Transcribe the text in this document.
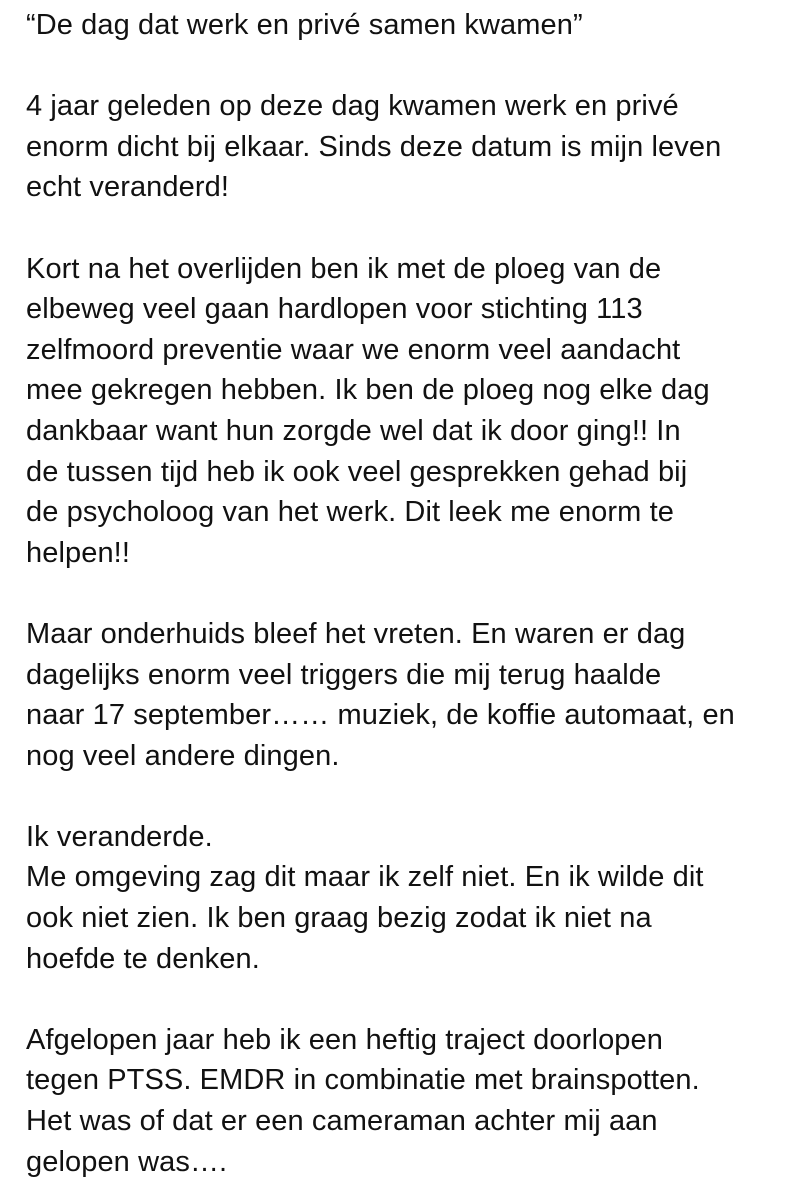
“De dag dat werk en privé samen kwamen”
4 jaar geleden op deze dag kwamen werk en privé
enorm dicht bij elkaar. Sinds deze datum is mijn leven
echt veranderd!
Kort na het overlijden ben ik met de ploeg van de
elbeweg veel gaan hardlopen voor stichting 113
zelfmoord preventie waar we enorm veel aandacht
mee gekregen hebben. Ik ben de ploeg nog elke dag
dankbaar want hun zorgde wel dat ik door ging!! In
de tussen tijd heb ik ook veel gesprekken gehad bij
de psycholoog van het werk. Dit leek me enorm te
helpen!!
Maar onderhuids bleef het vreten. En waren er dag
dagelijks enorm veel triggers die mij terug haalde
naar 17 september…… muziek, de koffie automaat, en
nog veel andere dingen.
Ik veranderde.
Me omgeving zag dit maar ik zelf niet. En ik wilde dit
ook niet zien. Ik ben graag bezig zodat ik niet na
hoefde te denken.
Afgelopen jaar heb ik een heftig traject doorlopen
tegen PTSS. EMDR in combinatie met brainspotten.
Het was of dat er een cameraman achter mij aan
gelopen was….
